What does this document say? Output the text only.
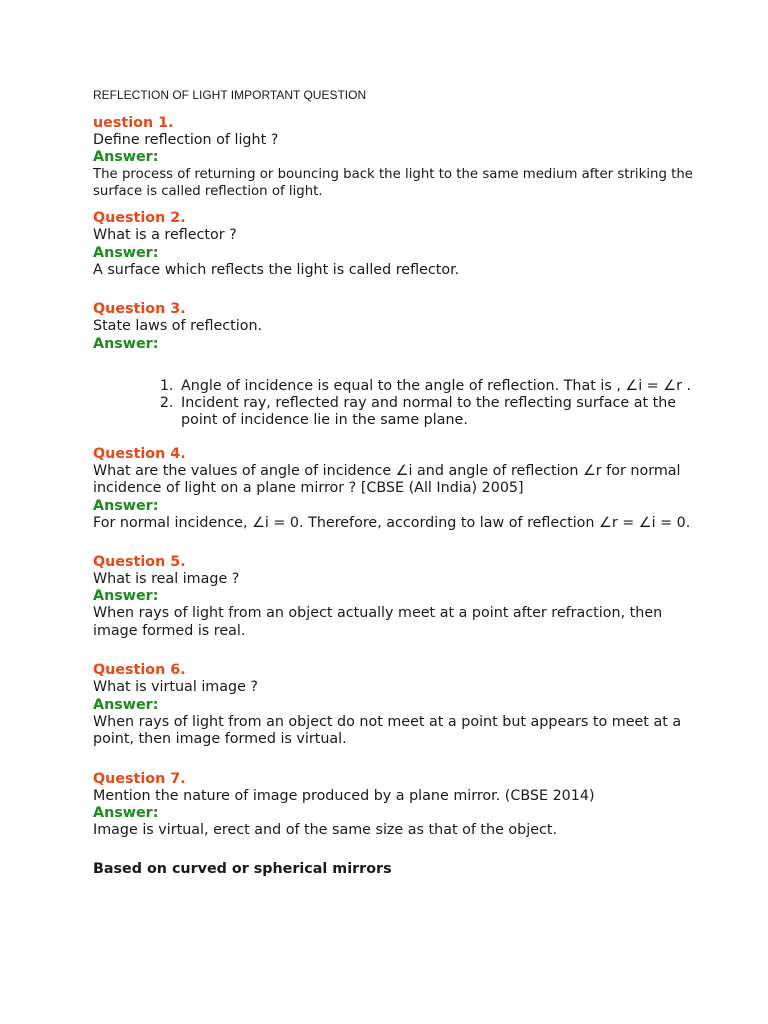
REFLECTION OF LIGHT IMPORTANT QUESTION
uestion 1.
Define reflection of light ?
Answer:
The process of returning or bouncing back the light to the same medium after striking the surface is called reflection of light.
Question 2.
What is a reflector ?
Answer:
A surface which reflects the light is called reflector.
Question 3.
State laws of reflection.
Answer:
1. Angle of incidence is equal to the angle of reflection. That is , ∠i = ∠r .
2. Incident ray, reflected ray and normal to the reflecting surface at the point of incidence lie in the same plane.
Question 4.
What are the values of angle of incidence ∠i and angle of reflection ∠r for normal incidence of light on a plane mirror ? [CBSE (All India) 2005]
Answer:
For normal incidence, ∠i = 0. Therefore, according to law of reflection ∠r = ∠i = 0.
Question 5.
What is real image ?
Answer:
When rays of light from an object actually meet at a point after refraction, then image formed is real.
Question 6.
What is virtual image ?
Answer:
When rays of light from an object do not meet at a point but appears to meet at a point, then image formed is virtual.
Question 7.
Mention the nature of image produced by a plane mirror. (CBSE 2014)
Answer:
Image is virtual, erect and of the same size as that of the object.
Based on curved or spherical mirrors
